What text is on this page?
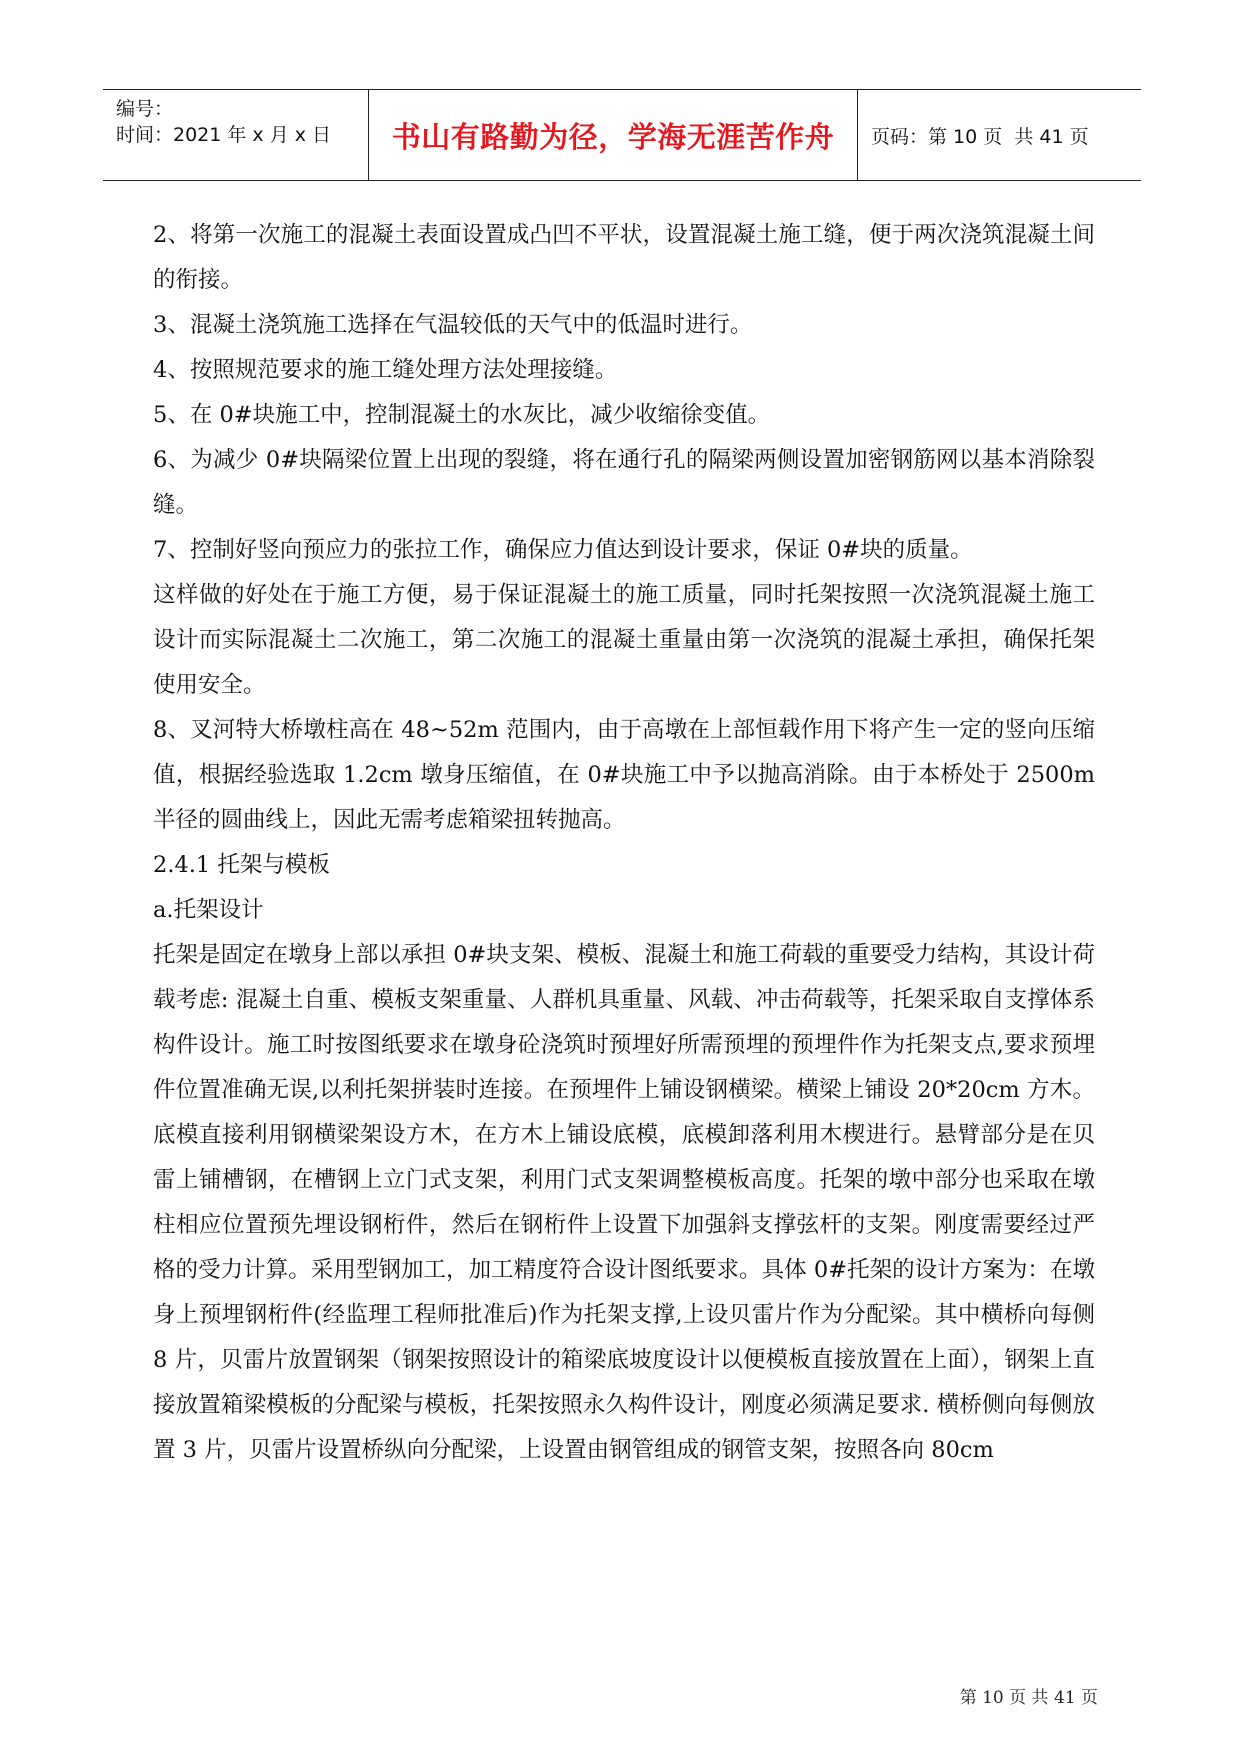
编号：
时间：2021 年 x 月 x 日	书山有路勤为径，学海无涯苦作舟 页码：第 10 页  共 41 页

2、将第一次施工的混凝土表面设置成凸凹不平状，设置混凝土施工缝，便于两次浇筑混凝土间的衔接。

3、混凝土浇筑施工选择在气温较低的天气中的低温时进行。

4、按照规范要求的施工缝处理方法处理接缝。

5、在 0#块施工中，控制混凝土的水灰比，减少收缩徐变值。

6、为减少 0#块隔梁位置上出现的裂缝，将在通行孔的隔梁两侧设置加密钢筋网以基本消除裂缝。

7、控制好竖向预应力的张拉工作，确保应力值达到设计要求，保证 0#块的质量。

这样做的好处在于施工方便，易于保证混凝土的施工质量，同时托架按照一次浇筑混凝土施工设计而实际混凝土二次施工，第二次施工的混凝土重量由第一次浇筑的混凝土承担，确保托架使用安全。

8、叉河特大桥墩柱高在 48~52m 范围内，由于高墩在上部恒载作用下将产生一定的竖向压缩值，根据经验选取 1.2cm 墩身压缩值，在 0#块施工中予以抛高消除。由于本桥处于 2500m 半径的圆曲线上，因此无需考虑箱梁扭转抛高。

2.4.1 托架与模板

a.托架设计

托架是固定在墩身上部以承担 0#块支架、模板、混凝土和施工荷载的重要受力结构，其设计荷载考虑: 混凝土自重、模板支架重量、人群机具重量、风载、冲击荷载等，托架采取自支撑体系构件设计。施工时按图纸要求在墩身砼浇筑时预埋好所需预埋的预埋件作为托架支点,要求预埋件位置准确无误,以利托架拼装时连接。在预埋件上铺设钢横梁。横梁上铺设 20*20cm 方木。底模直接利用钢横梁架设方木，在方木上铺设底模，底模卸落利用木楔进行。悬臂部分是在贝雷上铺槽钢，在槽钢上立门式支架，利用门式支架调整模板高度。托架的墩中部分也采取在墩柱相应位置预先埋设钢桁件，然后在钢桁件上设置下加强斜支撑弦杆的支架。刚度需要经过严格的受力计算。采用型钢加工，加工精度符合设计图纸要求。具体 0#托架的设计方案为：在墩身上预埋钢桁件(经监理工程师批准后)作为托架支撑,上设贝雷片作为分配梁。其中横桥向每侧 8 片，贝雷片放置钢架（钢架按照设计的箱梁底坡度设计以便模板直接放置在上面），钢架上直接放置箱梁模板的分配梁与模板，托架按照永久构件设计，刚度必须满足要求. 横桥侧向每侧放置 3 片，贝雷片设置桥纵向分配梁，上设置由钢管组成的钢管支架，按照各向 80cm

第 10 页 共 41 页
